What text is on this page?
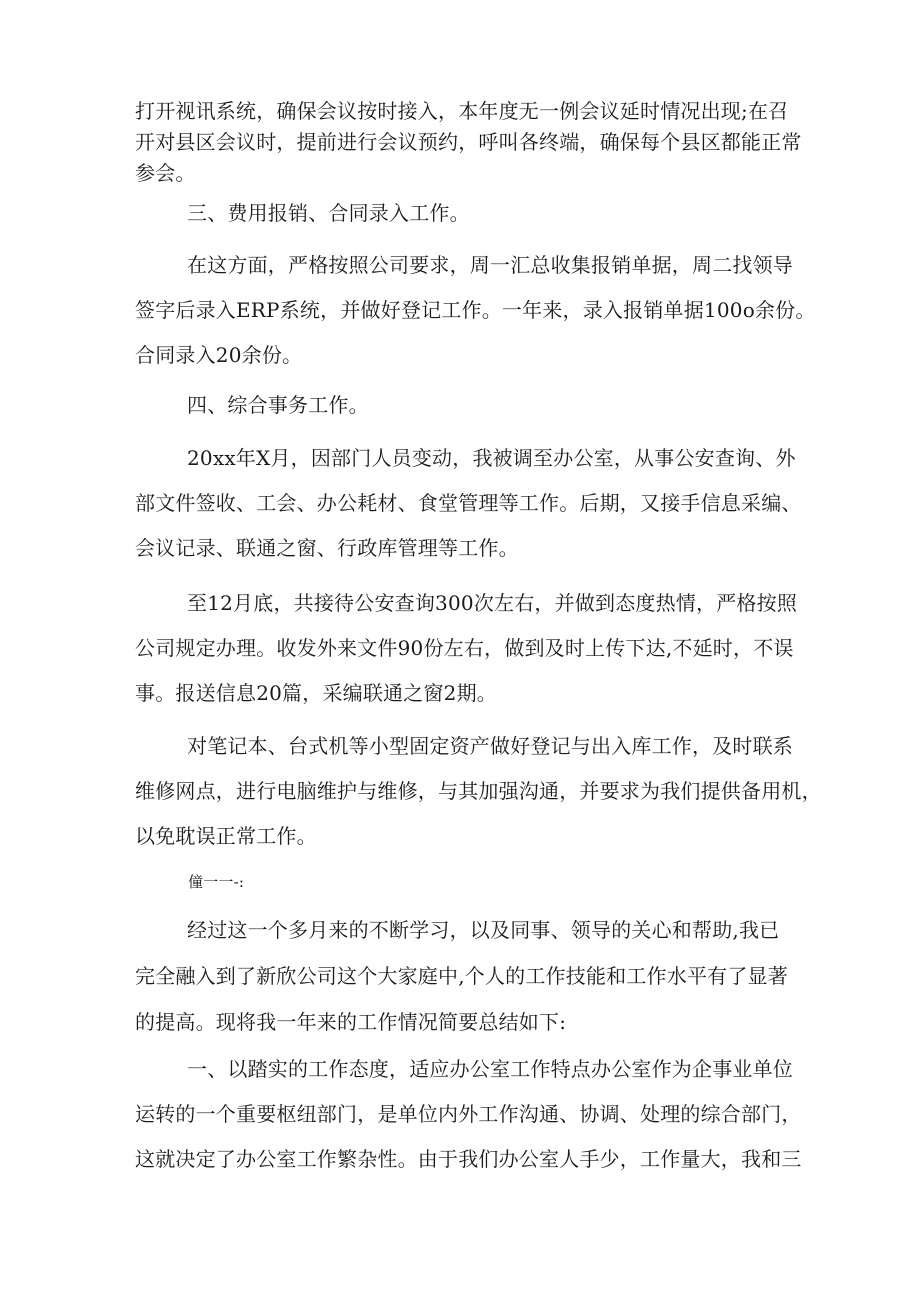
打开视讯系统，确保会议按时接入，本年度无一例会议延时情况出现;在召
开对县区会议时，提前进行会议预约，呼叫各终端，确保每个县区都能正常
参会。

三、费用报销、合同录入工作。

在这方面，严格按照公司要求，周一汇总收集报销单据，周二找领导
签字后录入ERP系统，并做好登记工作。一年来，录入报销单据100o余份。
合同录入20余份。

四、综合事务工作。

20xx年X月，因部门人员变动，我被调至办公室，从事公安查询、外
部文件签收、工会、办公耗材、食堂管理等工作。后期，又接手信息采编、
会议记录、联通之窗、行政库管理等工作。

至12月底，共接待公安查询300次左右，并做到态度热情，严格按照
公司规定办理。收发外来文件90份左右，做到及时上传下达,不延时，不误
事。报送信息20篇，采编联通之窗2期。

对笔记本、台式机等小型固定资产做好登记与出入库工作，及时联系
维修网点，进行电脑维护与维修，与其加强沟通，并要求为我们提供备用机，
以免耽误正常工作。

僮一一-:

经过这一个多月来的不断学习，以及同事、领导的关心和帮助,我已
完全融入到了新欣公司这个大家庭中,个人的工作技能和工作水平有了显著
的提高。现将我一年来的工作情况简要总结如下:

一、以踏实的工作态度，适应办公室工作特点办公室作为企事业单位
运转的一个重要枢纽部门，是单位内外工作沟通、协调、处理的综合部门，
这就决定了办公室工作繁杂性。由于我们办公室人手少，工作量大，我和三
